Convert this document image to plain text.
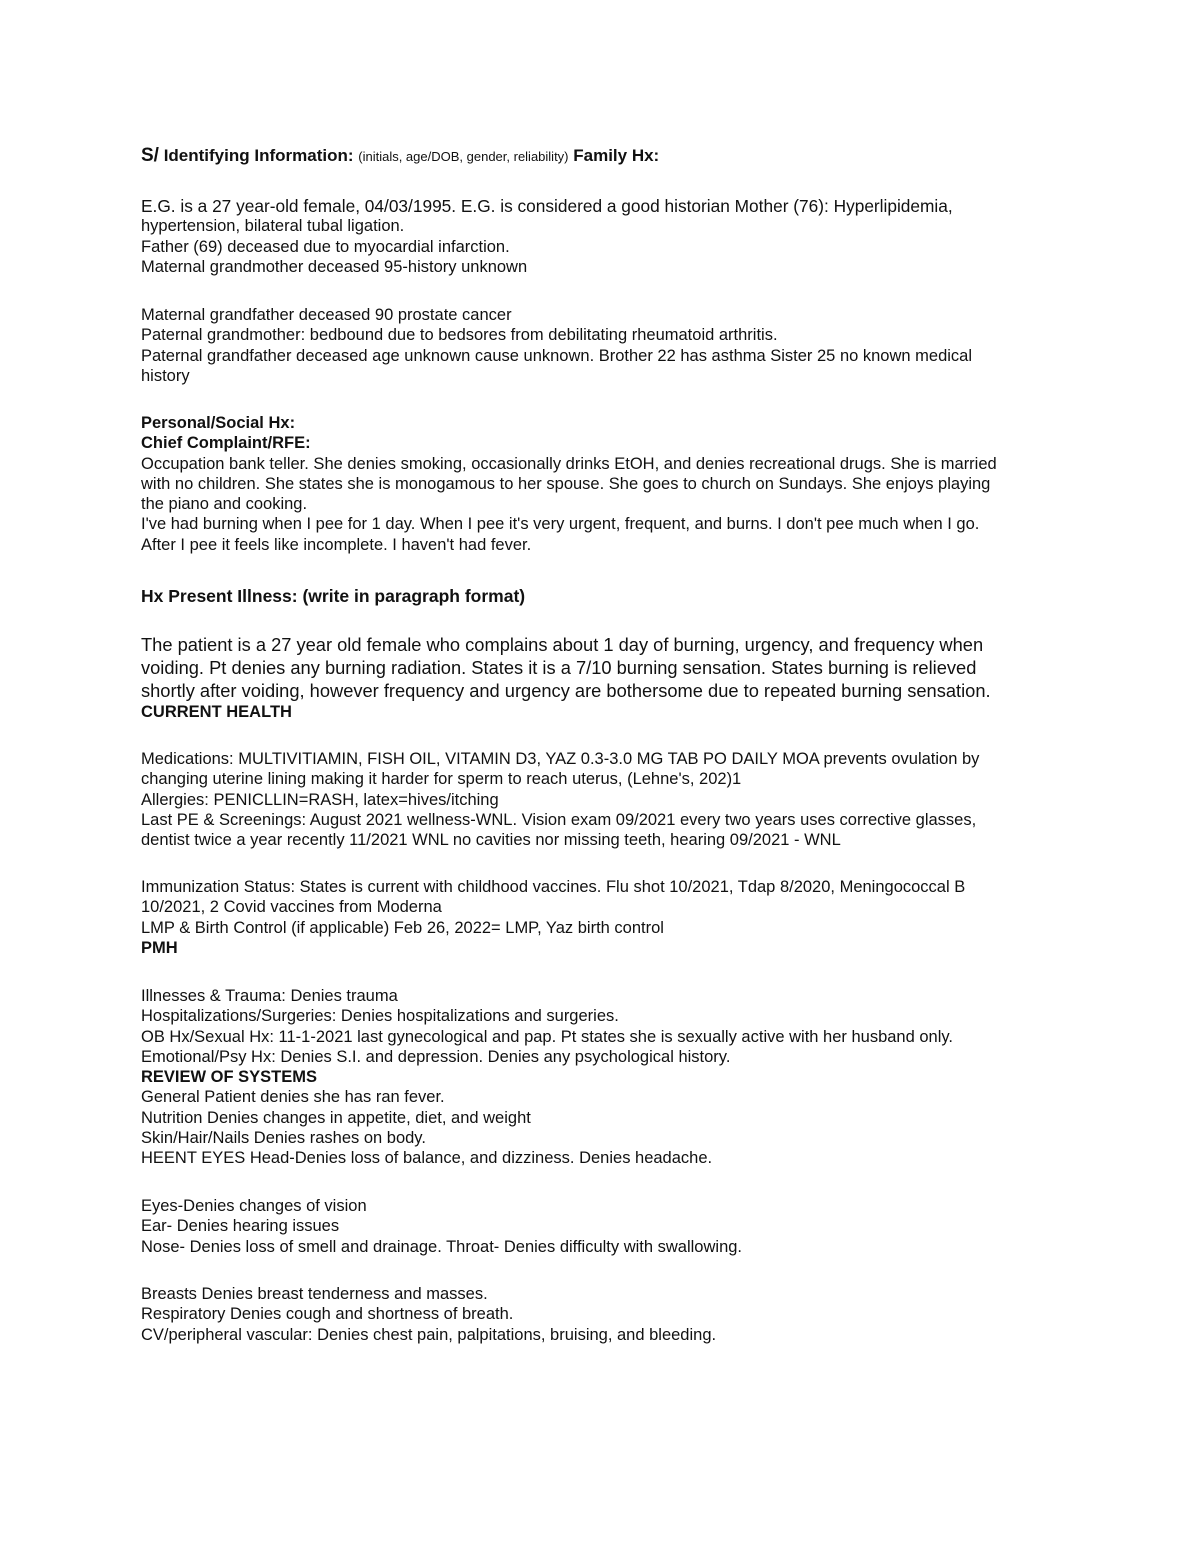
S/ Identifying Information: (initials, age/DOB, gender, reliability) Family Hx:
E.G. is a 27 year-old female, 04/03/1995. E.G. is considered a good historian Mother (76): Hyperlipidemia,
hypertension, bilateral tubal ligation.
Father (69) deceased due to myocardial infarction.
Maternal grandmother deceased 95-history unknown
Maternal grandfather deceased 90 prostate cancer
Paternal grandmother: bedbound due to bedsores from debilitating rheumatoid arthritis.
Paternal grandfather deceased age unknown cause unknown. Brother 22 has asthma Sister 25 no known medical
history
Personal/Social Hx:
Chief Complaint/RFE:
Occupation bank teller. She denies smoking, occasionally drinks EtOH, and denies recreational drugs. She is married
with no children. She states she is monogamous to her spouse. She goes to church on Sundays. She enjoys playing
the piano and cooking.
I've had burning when I pee for 1 day. When I pee it's very urgent, frequent, and burns. I don't pee much when I go.
After I pee it feels like incomplete. I haven't had fever.
Hx Present Illness: (write in paragraph format)
The patient is a 27 year old female who complains about 1 day of burning, urgency, and frequency when
voiding. Pt denies any burning radiation. States it is a 7/10 burning sensation. States burning is relieved
shortly after voiding, however frequency and urgency are bothersome due to repeated burning sensation.
CURRENT HEALTH
Medications: MULTIVITIAMIN, FISH OIL, VITAMIN D3, YAZ 0.3-3.0 MG TAB PO DAILY MOA prevents ovulation by
changing uterine lining making it harder for sperm to reach uterus, (Lehne's, 202)1
Allergies: PENICLLIN=RASH, latex=hives/itching
Last PE & Screenings: August 2021 wellness-WNL. Vision exam 09/2021 every two years uses corrective glasses,
dentist twice a year recently 11/2021 WNL no cavities nor missing teeth, hearing 09/2021 - WNL
Immunization Status: States is current with childhood vaccines. Flu shot 10/2021, Tdap 8/2020, Meningococcal B
10/2021, 2 Covid vaccines from Moderna
LMP & Birth Control (if applicable) Feb 26, 2022= LMP, Yaz birth control
PMH
Illnesses & Trauma: Denies trauma
Hospitalizations/Surgeries: Denies hospitalizations and surgeries.
OB Hx/Sexual Hx: 11-1-2021 last gynecological and pap. Pt states she is sexually active with her husband only.
Emotional/Psy Hx: Denies S.I. and depression. Denies any psychological history.
REVIEW OF SYSTEMS
General Patient denies she has ran fever.
Nutrition Denies changes in appetite, diet, and weight
Skin/Hair/Nails Denies rashes on body.
HEENT EYES Head-Denies loss of balance, and dizziness. Denies headache.
Eyes-Denies changes of vision
Ear- Denies hearing issues
Nose- Denies loss of smell and drainage. Throat- Denies difficulty with swallowing.
Breasts Denies breast tenderness and masses.
Respiratory Denies cough and shortness of breath.
CV/peripheral vascular: Denies chest pain, palpitations, bruising, and bleeding.
